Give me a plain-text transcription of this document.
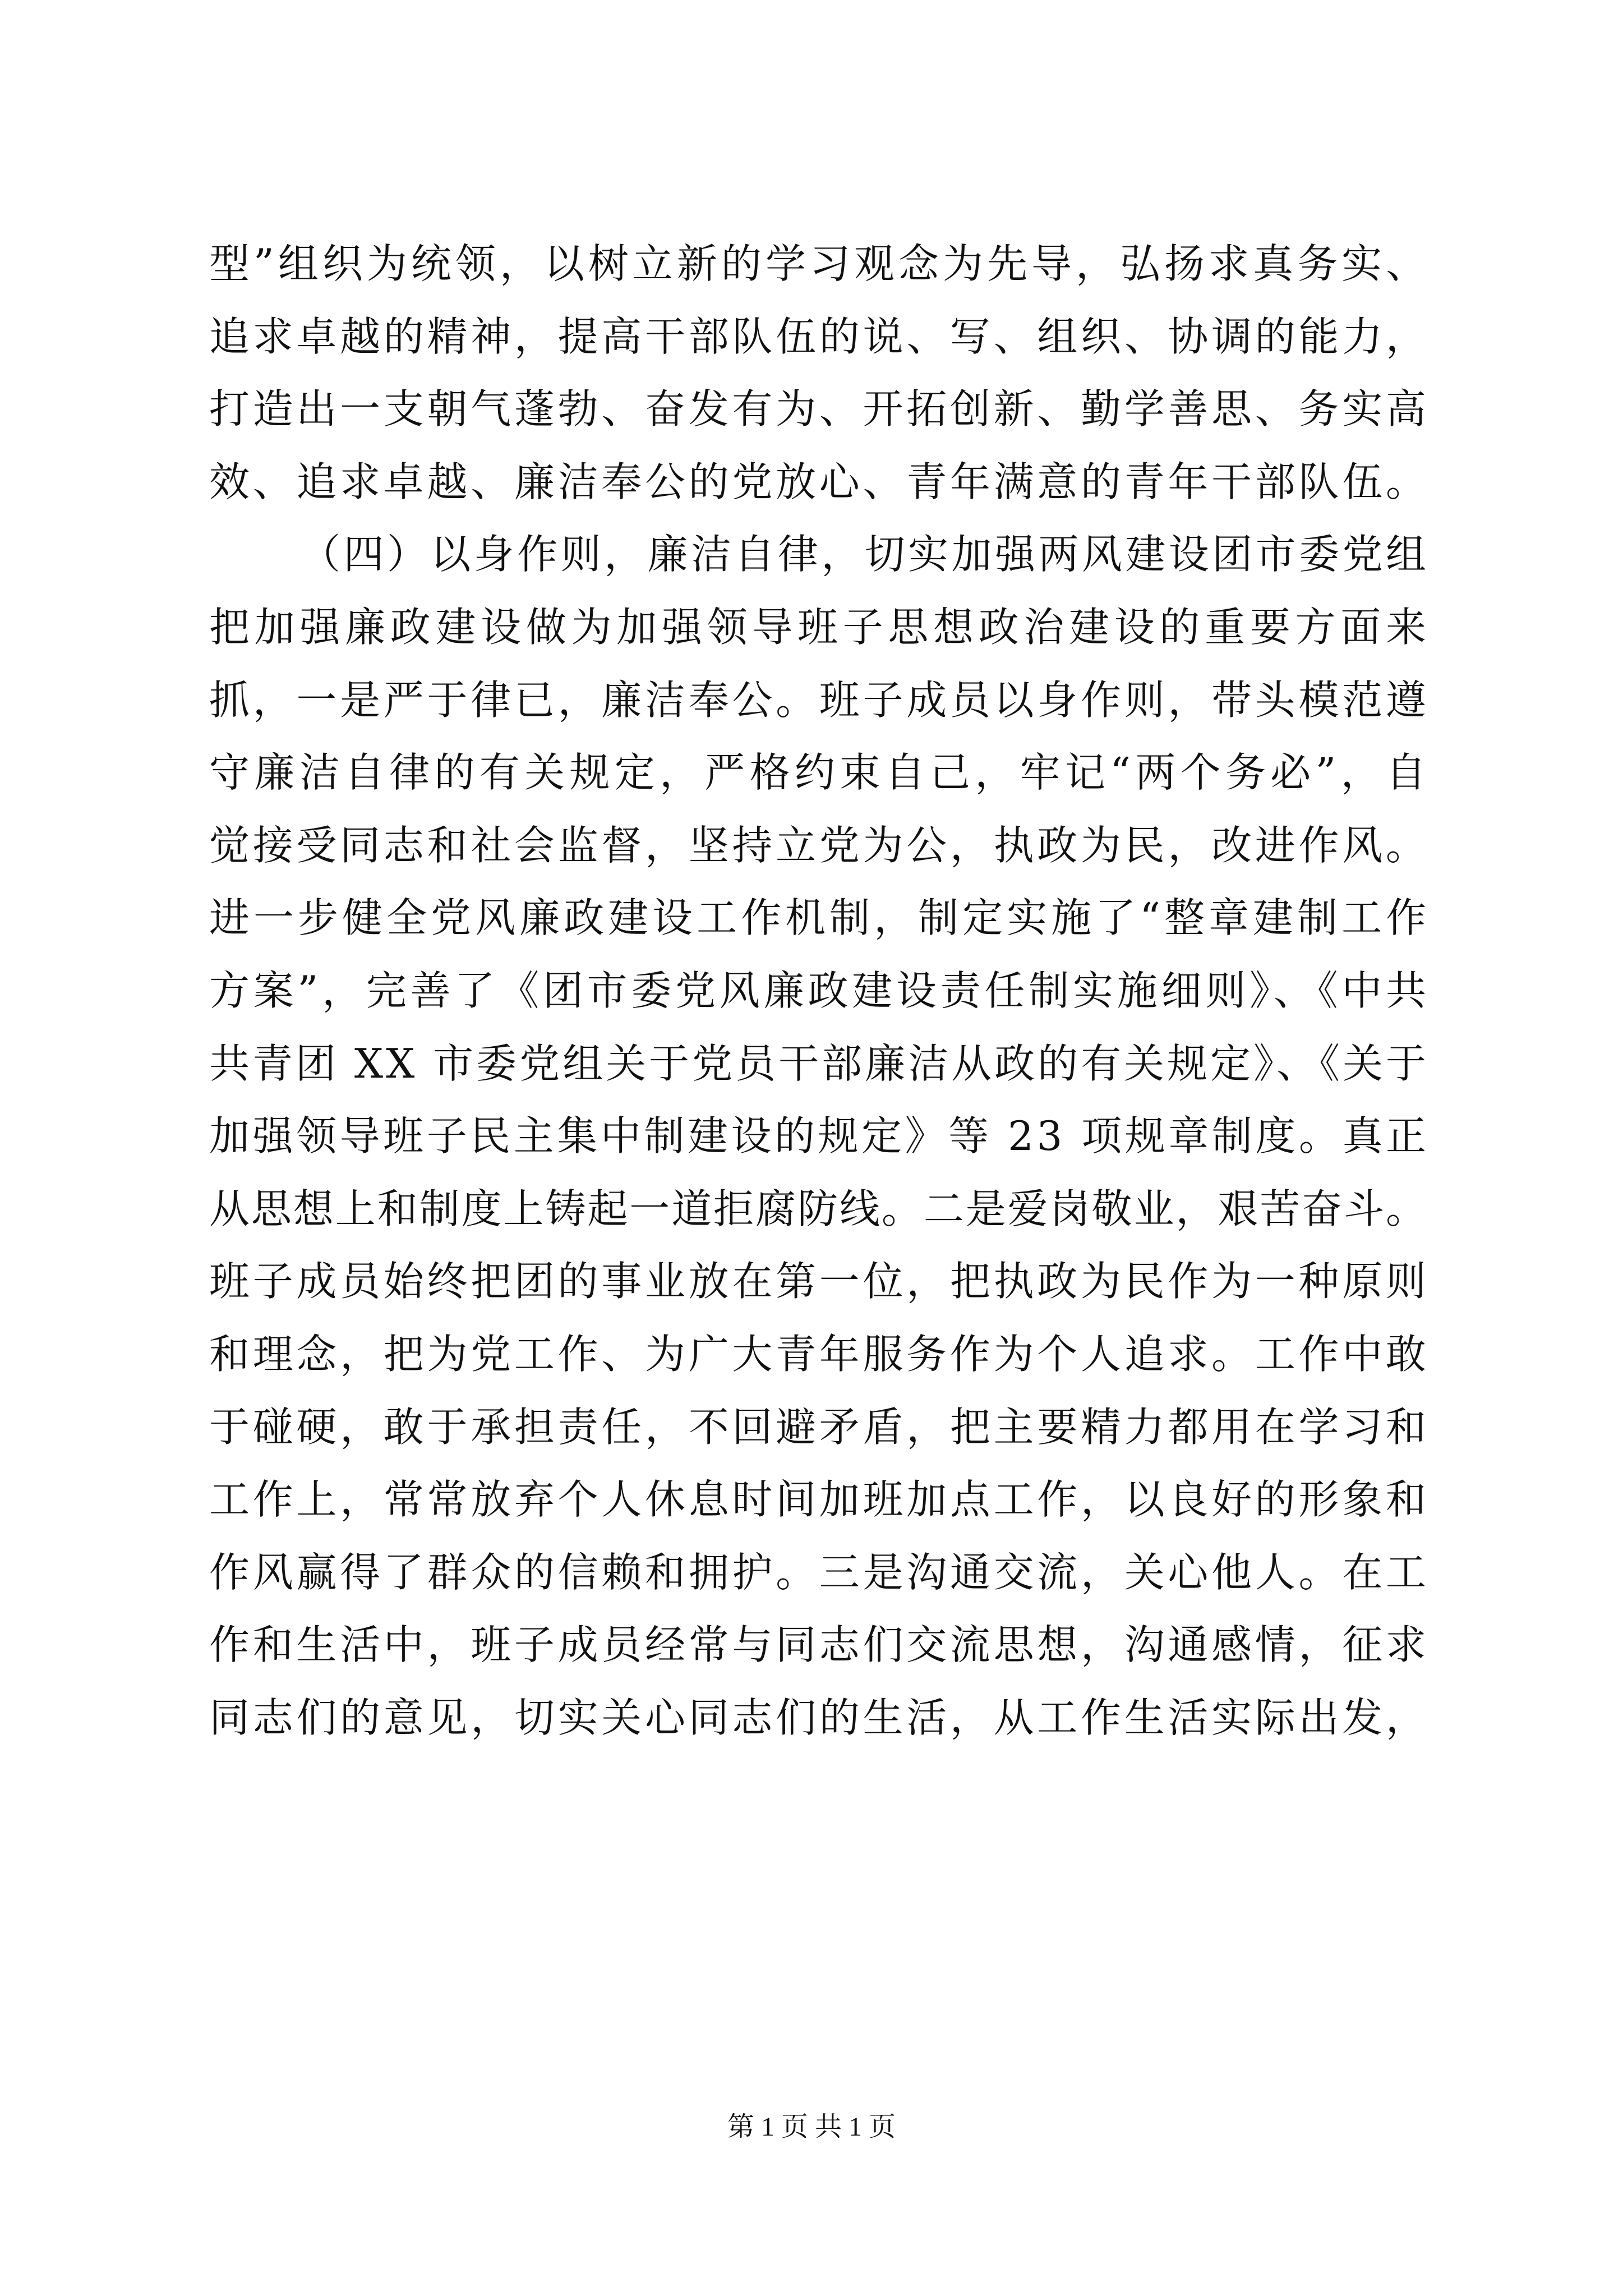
型”组织为统领，以树立新的学习观念为先导，弘扬求真务实、
追求卓越的精神，提高干部队伍的说、写、组织、协调的能力，
打造出一支朝气蓬勃、奋发有为、开拓创新、勤学善思、务实高
效、追求卓越、廉洁奉公的党放心、青年满意的青年干部队伍。
（四）以身作则，廉洁自律，切实加强两风建设团市委党组
把加强廉政建设做为加强领导班子思想政治建设的重要方面来
抓，一是严于律已，廉洁奉公。班子成员以身作则，带头模范遵
守廉洁自律的有关规定，严格约束自己，牢记“两个务必”，自
觉接受同志和社会监督，坚持立党为公，执政为民，改进作风。
进一步健全党风廉政建设工作机制，制定实施了“整章建制工作
方案”，完善了《团市委党风廉政建设责任制实施细则》、《中共
共青团 XX 市委党组关于党员干部廉洁从政的有关规定》、《关于
加强领导班子民主集中制建设的规定》等 23 项规章制度。真正
从思想上和制度上铸起一道拒腐防线。二是爱岗敬业，艰苦奋斗。
班子成员始终把团的事业放在第一位，把执政为民作为一种原则
和理念，把为党工作、为广大青年服务作为个人追求。工作中敢
于碰硬，敢于承担责任，不回避矛盾，把主要精力都用在学习和
工作上，常常放弃个人休息时间加班加点工作，以良好的形象和
作风赢得了群众的信赖和拥护。三是沟通交流，关心他人。在工
作和生活中，班子成员经常与同志们交流思想，沟通感情，征求
同志们的意见，切实关心同志们的生活，从工作生活实际出发，
第 1 页 共 1 页
